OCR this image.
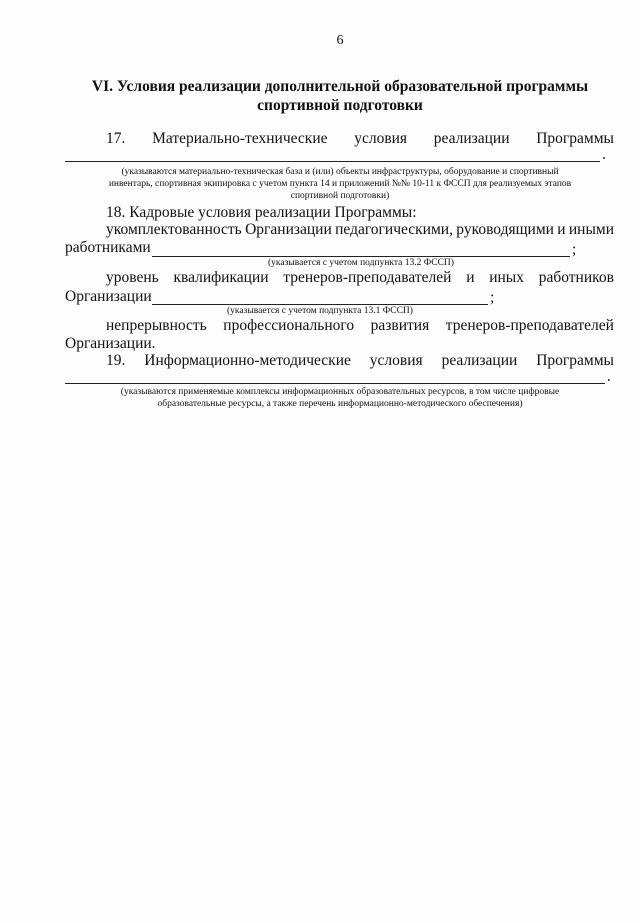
6
VI. Условия реализации дополнительной образовательной программы
спортивной подготовки
17. Материально-технические условия реализации Программы
.
(указываются материально-техническая база и (или) объекты инфраструктуры, оборудование и спортивный
инвентарь, спортивная экипировка с учетом пункта 14 и приложений №№ 10-11 к ФССП для реализуемых этапов
спортивной подготовки)
18. Кадровые условия реализации Программы:
укомплектованность Организации педагогическими, руководящими и иными
работниками	;
(указывается с учетом подпункта 13.2 ФССП)
уровень квалификации тренеров-преподавателей и иных работников
Организации	;
(указывается с учетом подпункта 13.1 ФССП)
непрерывность профессионального развития тренеров-преподавателей
Организации.
19. Информационно-методические условия реализации Программы
.
(указываются применяемые комплексы информационных образовательных ресурсов, в том числе цифровые
образовательные ресурсы, а также перечень информационно-методического обеспечения)
